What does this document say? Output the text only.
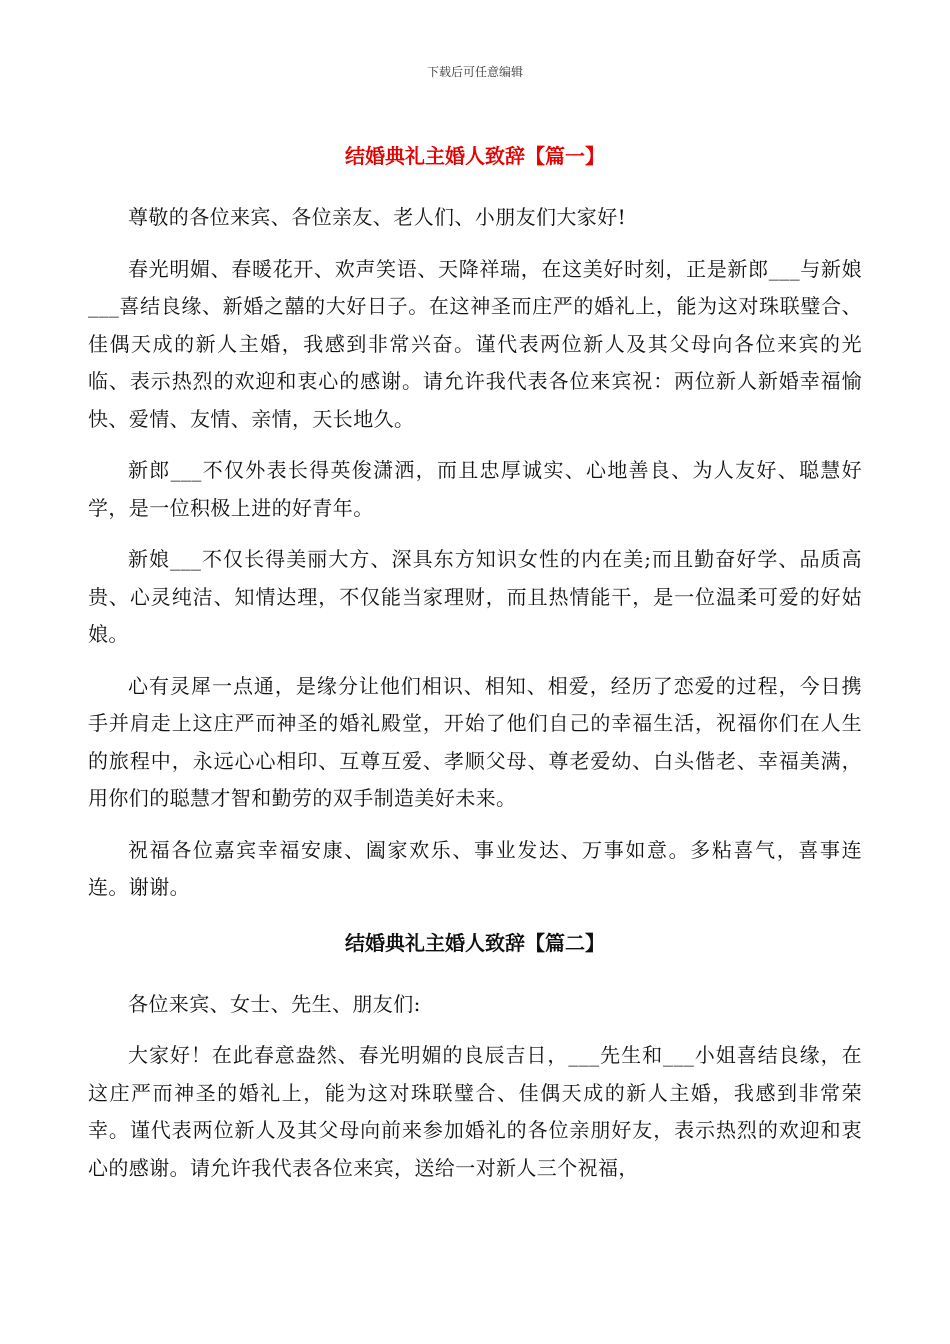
下载后可任意编辑
结婚典礼主婚人致辞【篇一】

尊敬的各位来宾、各位亲友、老人们、小朋友们大家好!

春光明媚、春暖花开、欢声笑语、天降祥瑞，在这美好时刻，正是新郎___与新娘___喜结良缘、新婚之囍的大好日子。在这神圣而庄严的婚礼上，能为这对珠联璧合、佳偶天成的新人主婚，我感到非常兴奋。谨代表两位新人及其父母向各位来宾的光临、表示热烈的欢迎和衷心的感谢。请允许我代表各位来宾祝：两位新人新婚幸福愉快、爱情、友情、亲情，天长地久。

新郎___不仅外表长得英俊潇洒，而且忠厚诚实、心地善良、为人友好、聪慧好学，是一位积极上进的好青年。

新娘___不仅长得美丽大方、深具东方知识女性的内在美;而且勤奋好学、品质高贵、心灵纯洁、知情达理，不仅能当家理财，而且热情能干，是一位温柔可爱的好姑娘。

心有灵犀一点通，是缘分让他们相识、相知、相爱，经历了恋爱的过程，今日携手并肩走上这庄严而神圣的婚礼殿堂，开始了他们自己的幸福生活，祝福你们在人生的旅程中，永远心心相印、互尊互爱、孝顺父母、尊老爱幼、白头偕老、幸福美满，用你们的聪慧才智和勤劳的双手制造美好未来。

祝福各位嘉宾幸福安康、阖家欢乐、事业发达、万事如意。多粘喜气，喜事连连。谢谢。

结婚典礼主婚人致辞【篇二】

各位来宾、女士、先生、朋友们:

大家好！在此春意盎然、春光明媚的良辰吉日，___先生和___小姐喜结良缘，在这庄严而神圣的婚礼上，能为这对珠联璧合、佳偶天成的新人主婚，我感到非常荣幸。谨代表两位新人及其父母向前来参加婚礼的各位亲朋好友，表示热烈的欢迎和衷心的感谢。请允许我代表各位来宾，送给一对新人三个祝福，
